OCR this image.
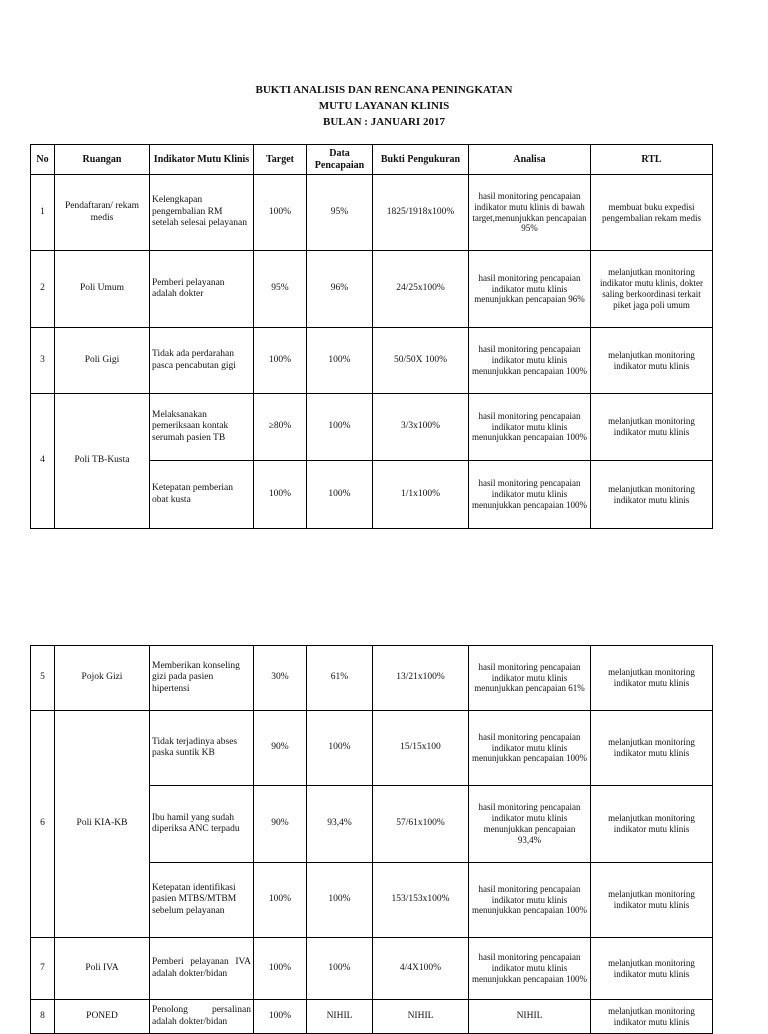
BUKTI ANALISIS DAN RENCANA PENINGKATAN
MUTU LAYANAN KLINIS
BULAN : JANUARI 2017
No	Ruangan	Indikator Mutu Klinis	Target	Data Pencapaian	Bukti Pengukuran	Analisa	RTL
1	Pendaftaran/ rekam medis	Kelengkapan pengembalian RM setelah selesai pelayanan	100%	95%	1825/1918x100%	hasil monitoring pencapaian indikator mutu klinis di bawah target,menunjukkan pencapaian 95%	membuat buku expedisi pengembalian rekam medis
2	Poli Umum	Pemberi pelayanan adalah dokter	95%	96%	24/25x100%	hasil monitoring pencapaian indikator mutu klinis menunjukkan pencapaian 96%	melanjutkan monitoring indikator mutu klinis, dokter saling berkoordinasi terkait piket jaga poli umum
3	Poli Gigi	Tidak ada perdarahan pasca pencabutan gigi	100%	100%	50/50X 100%	hasil monitoring pencapaian indikator mutu klinis menunjukkan pencapaian 100%	melanjutkan monitoring indikator mutu klinis
4	Poli TB-Kusta	Melaksanakan pemeriksaan kontak serumah pasien TB	≥80%	100%	3/3x100%	hasil monitoring pencapaian indikator mutu klinis menunjukkan pencapaian 100%	melanjutkan monitoring indikator mutu klinis
		Ketepatan pemberian obat kusta	100%	100%	1/1x100%	hasil monitoring pencapaian indikator mutu klinis menunjukkan pencapaian 100%	melanjutkan monitoring indikator mutu klinis
5	Pojok Gizi	Memberikan konseling gizi pada pasien hipertensi	30%	61%	13/21x100%	hasil monitoring pencapaian indikator mutu klinis menunjukkan pencapaian 61%	melanjutkan monitoring indikator mutu klinis
6	Poli KIA-KB	Tidak terjadinya abses paska suntik KB	90%	100%	15/15x100	hasil monitoring pencapaian indikator mutu klinis menunjukkan pencapaian 100%	melanjutkan monitoring indikator mutu klinis
		Ibu hamil yang sudah diperiksa ANC terpadu	90%	93,4%	57/61x100%	hasil monitoring pencapaian indikator mutu klinis menunjukkan pencapaian 93,4%	melanjutkan monitoring indikator mutu klinis
		Ketepatan identifikasi pasien MTBS/MTBM sebelum pelayanan	100%	100%	153/153x100%	hasil monitoring pencapaian indikator mutu klinis menunjukkan pencapaian 100%	melanjutkan monitoring indikator mutu klinis
7	Poli IVA	Pemberi pelayanan IVA adalah dokter/bidan	100%	100%	4/4X100%	hasil monitoring pencapaian indikator mutu klinis menunjukkan pencapaian 100%	melanjutkan monitoring indikator mutu klinis
8	PONED	Penolong persalinan adalah dokter/bidan	100%	NIHIL	NIHIL	NIHIL	melanjutkan monitoring indikator mutu klinis
